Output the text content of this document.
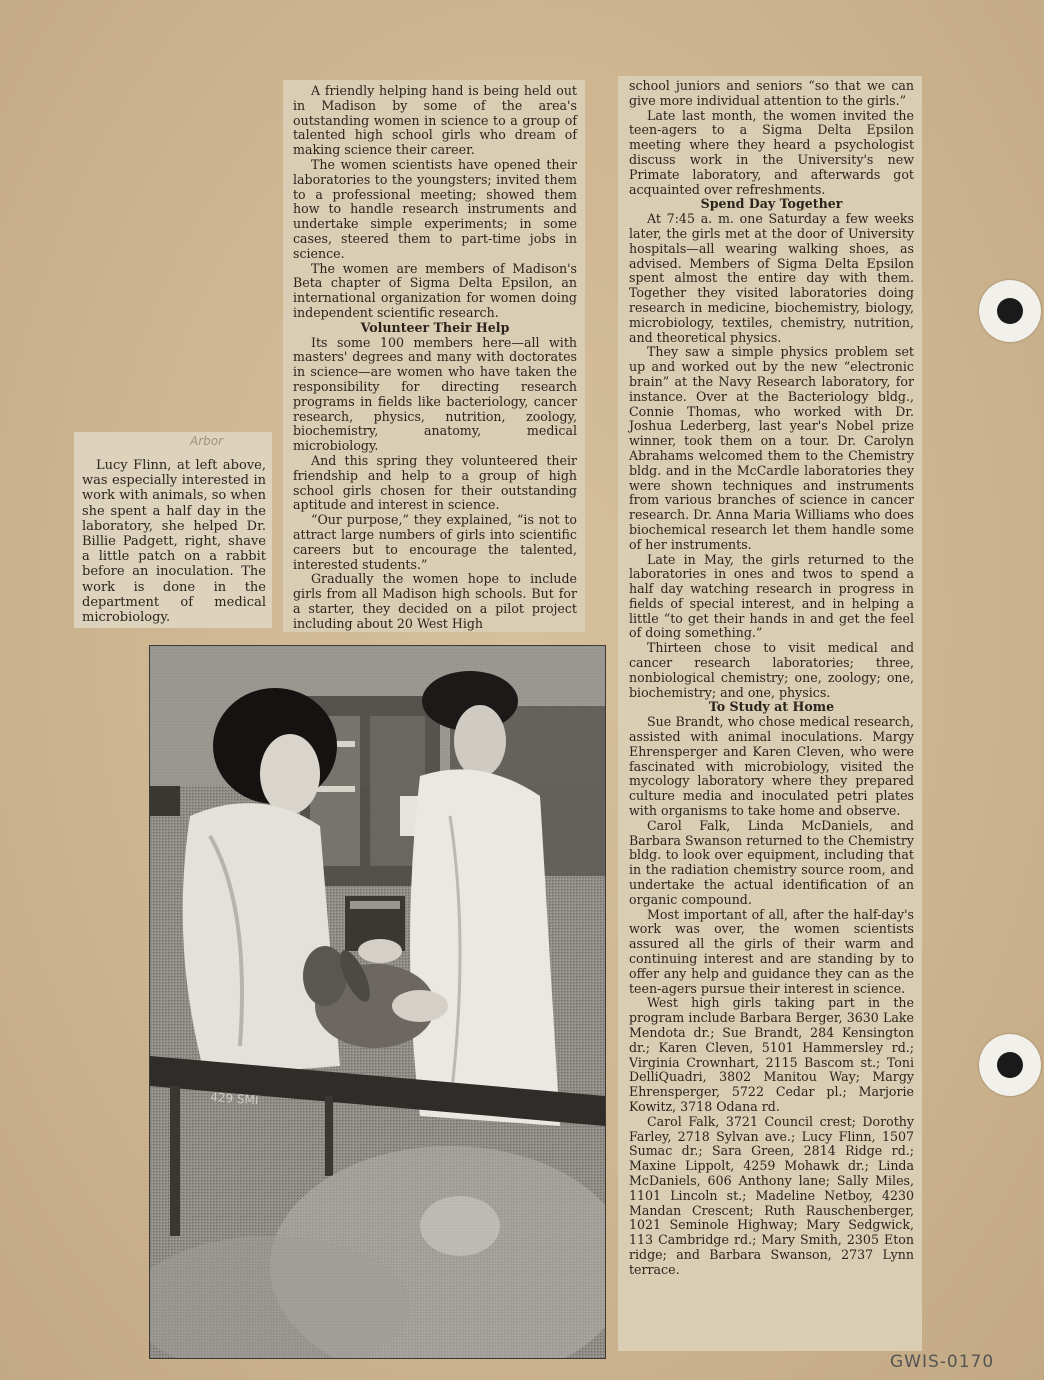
A friendly helping hand is being held out in Madison by some of the area's outstanding women in science to a group of talented high school girls who dream of making science their career.

The women scientists have opened their laboratories to the youngsters; invited them to a professional meeting; showed them how to handle research instruments and undertake simple experiments; in some cases, steered them to part-time jobs in science.

The women are members of Madison's Beta chapter of Sigma Delta Epsilon, an international organization for women doing independent scientific research.

Volunteer Their Help

Its some 100 members here—all with masters' degrees and many with doctorates in science—are women who have taken the responsibility for directing research programs in fields like bacteriology, cancer research, physics, nutrition, zoology, biochemistry, anatomy, medical microbiology.

And this spring they volunteered their friendship and help to a group of high school girls chosen for their outstanding aptitude and interest in science.

“Our purpose,” they explained, “is not to attract large numbers of girls into scientific careers but to encourage the talented, interested students.”

Gradually the women hope to include girls from all Madison high schools. But for a starter, they decided on a pilot project including about 20 West High

school juniors and seniors “so that we can give more individual attention to the girls.”

Late last month, the women invited the teen-agers to a Sigma Delta Epsilon meeting where they heard a psychologist discuss work in the University's new Primate laboratory, and afterwards got acquainted over refreshments.

Spend Day Together

At 7:45 a. m. one Saturday a few weeks later, the girls met at the door of University hospitals—all wearing walking shoes, as advised. Members of Sigma Delta Epsilon spent almost the entire day with them. Together they visited laboratories doing research in medicine, biochemistry, biology, microbiology, textiles, chemistry, nutrition, and theoretical physics.

They saw a simple physics problem set up and worked out by the new “electronic brain” at the Navy Research laboratory, for instance. Over at the Bacteriology bldg., Connie Thomas, who worked with Dr. Joshua Lederberg, last year's Nobel prize winner, took them on a tour. Dr. Carolyn Abrahams welcomed them to the Chemistry bldg. and in the McCardle laboratories they were shown techniques and instruments from various branches of science in cancer research. Dr. Anna Maria Williams who does biochemical research let them handle some of her instruments.

Late in May, the girls returned to the laboratories in ones and twos to spend a half day watching research in progress in fields of special interest, and in helping a little “to get their hands in and get the feel of doing something.”

Thirteen chose to visit medical and cancer research laboratories; three, nonbiological chemistry; one, zoology; one, biochemistry; and one, physics.

To Study at Home

Sue Brandt, who chose medical research, assisted with animal inoculations. Margy Ehrensperger and Karen Cleven, who were fascinated with microbiology, visited the mycology laboratory where they prepared culture media and inoculated petri plates with organisms to take home and observe.

Carol Falk, Linda McDaniels, and Barbara Swanson returned to the Chemistry bldg. to look over equipment, including that in the radiation chemistry source room, and undertake the actual identification of an organic compound.

Most important of all, after the half-day's work was over, the women scientists assured all the girls of their warm and continuing interest and are standing by to offer any help and guidance they can as the teen-agers pursue their interest in science.

West high girls taking part in the program include Barbara Berger, 3630 Lake Mendota dr.; Sue Brandt, 284 Kensington dr.; Karen Cleven, 5101 Hammersley rd.; Virginia Crownhart, 2115 Bascom st.; Toni DelliQuadri, 3802 Manitou Way; Margy Ehrensperger, 5722 Cedar pl.; Marjorie Kowitz, 3718 Odana rd.

Carol Falk, 3721 Council crest; Dorothy Farley, 2718 Sylvan ave.; Lucy Flinn, 1507 Sumac dr.; Sara Green, 2814 Ridge rd.; Maxine Lippolt, 4259 Mohawk dr.; Linda McDaniels, 606 Anthony lane; Sally Miles, 1101 Lincoln st.; Madeline Netboy, 4230 Mandan Crescent; Ruth Rauschenberger, 1021 Seminole Highway; Mary Sedgwick, 113 Cambridge rd.; Mary Smith, 2305 Eton ridge; and Barbara Swanson, 2737 Lynn terrace.

Lucy Flinn, at left above, was especially interested in work with animals, so when she spent a half day in the laboratory, she helped Dr. Billie Padgett, right, shave a little patch on a rabbit before an inoculation. The work is done in the department of medical microbiology.

Arbor
429 SMI
GWIS-0170
